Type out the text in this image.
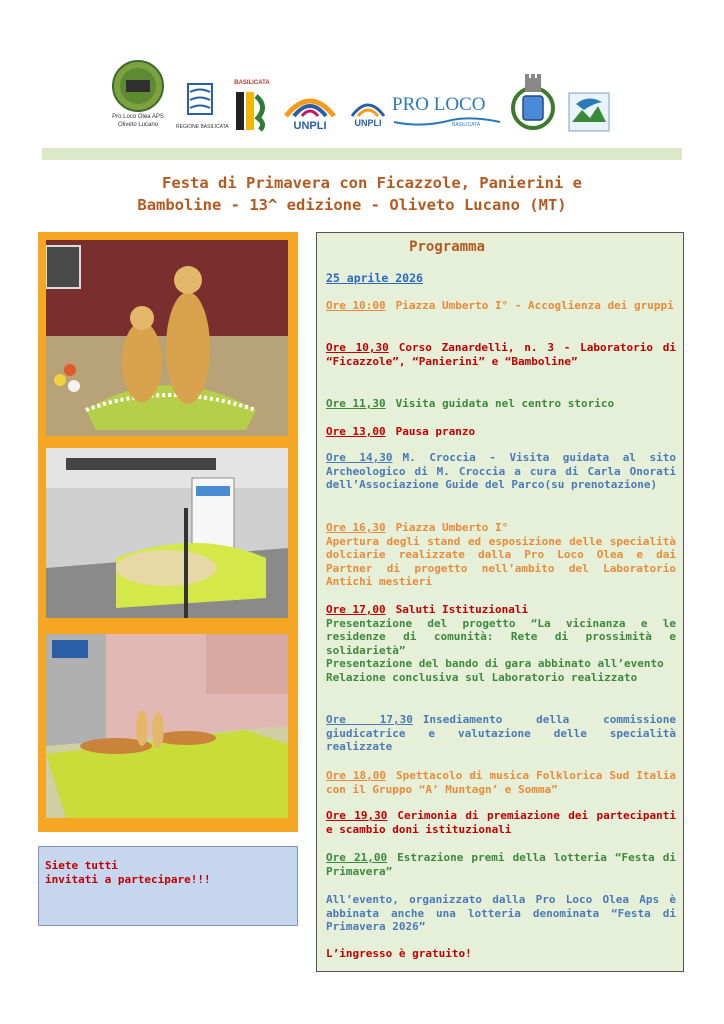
Pro Loco Olea APS
Oliveto Lucano	REGIONE BASILICATA
BASILICATA
UNPLI	UNPLI
PRO LOCO
BASILICATA
Festa di Primavera con Ficazzole, Panierini e
Bamboline - 13^ edizione - Oliveto Lucano (MT)
Siete tutti
invitati a partecipare!!!
Programma
25 aprile 2026
Ore 10:00 Piazza Umberto I° - Accoglienza dei gruppi
Ore 10,30 Corso Zanardelli, n. 3 - Laboratorio di “Ficazzole”, “Panierini” e “Bamboline”
Ore 11,30 Visita guidata nel centro storico
Ore 13,00 Pausa pranzo
Ore 14,30 M. Croccia - Visita guidata al sito Archeologico di M. Croccia a cura di Carla Onorati dell’Associazione Guide del Parco(su prenotazione)
Ore 16,30 Piazza Umberto I°
Apertura degli stand ed esposizione delle specialità dolciarie realizzate dalla Pro Loco Olea e dai Partner di progetto nell’ambito del Laboratorio Antichi mestieri
Ore 17,00 Saluti Istituzionali
Presentazione del progetto “La vicinanza e le residenze di comunità: Rete di prossimità e solidarietà”
Presentazione del bando di gara abbinato all’evento
Relazione conclusiva sul Laboratorio realizzato
Ore 17,30 Insediamento della commissione giudicatrice e valutazione delle specialità realizzate
Ore 18,00 Spettacolo di musica Folklorica Sud Italia con il Gruppo “A’ Muntagn’ e Somma”
Ore 19,30 Cerimonia di premiazione dei partecipanti e scambio doni istituzionali
Ore 21,00 Estrazione premi della lotteria “Festa di Primavera”
All’evento, organizzato dalla Pro Loco Olea Aps è abbinata anche una lotteria denominata “Festa di Primavera 2026”
L’ingresso è gratuito!
